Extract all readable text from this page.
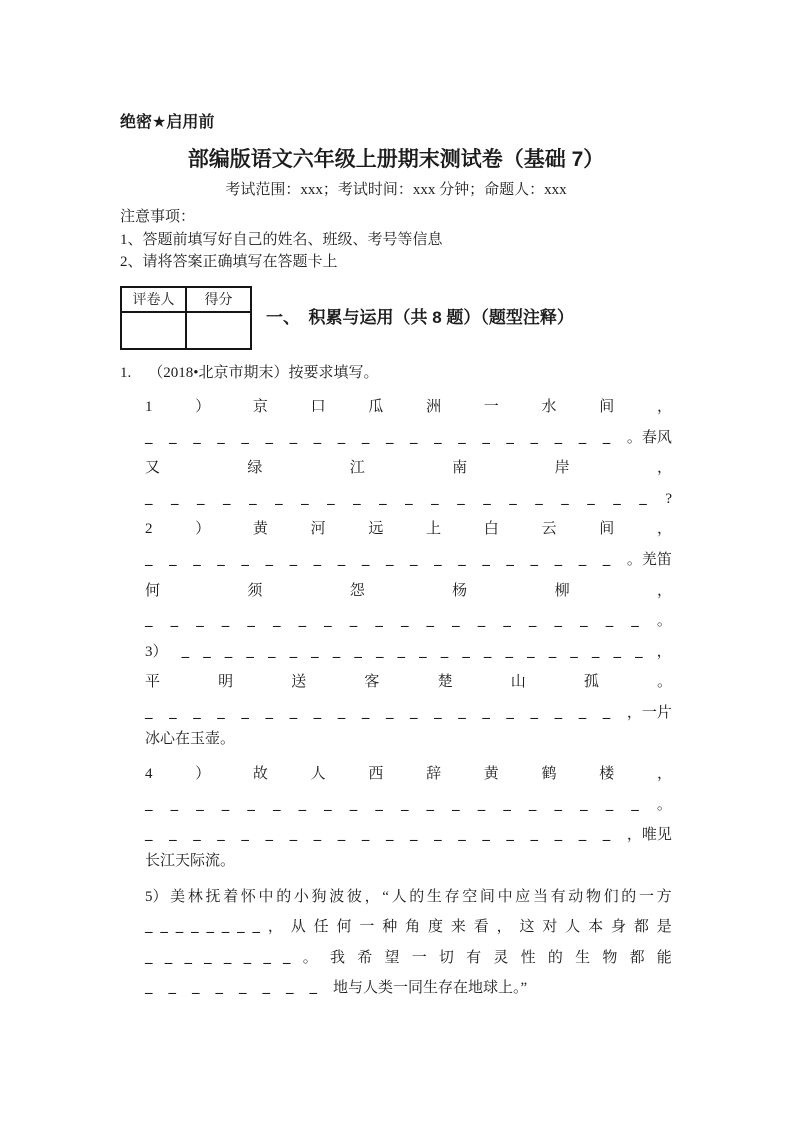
绝密★启用前
部编版语文六年级上册期末测试卷（基础 7）
考试范围：xxx；考试时间：xxx 分钟；命题人：xxx
注意事项：
1、答题前填写好自己的姓名、班级、考号等信息
2、请将答案正确填写在答题卡上
评卷人	得分

一、　积累与运用（共 8 题）（题型注释）
1. （2018•北京市期末）按要求填写。
1	）	京	口	瓜	洲	一	水	间	，
_ _ _ _ _ _ _ _ _ _ _ _ _ _ _ _ _ _ _ _ 。春风
又	绿	江	南	岸	，
_ _ _ _ _ _ _ _ _ _ _ _ _ _ _ _ _ _ _ _ ?
2	）	黄	河	远	上	白	云	间	，
_ _ _ _ _ _ _ _ _ _ _ _ _ _ _ _ _ _ _ _ 。羌笛
何	须	怨	杨	柳	，
_ _ _ _ _ _ _ _ _ _ _ _ _ _ _ _ _ _ _ _ 。
3） _ _ _ _ _ _ _ _ _ _ _ _ _ _ _ _ _ _ _ _ _ _ ，
平	明	送	客	楚	山	孤	。
_ _ _ _ _ _ _ _ _ _ _ _ _ _ _ _ _ _ _ _ ，一片
冰心在玉壶。
4	）	故	人	西	辞	黄	鹤	楼	，
_ _ _ _ _ _ _ _ _ _ _ _ _ _ _ _ _ _ _ _ 。
_ _ _ _ _ _ _ _ _ _ _ _ _ _ _ _ _ _ _ _ ，唯见
长江天际流。
5） 美 林 抚 着 怀 中 的 小 狗 波 彼 ， “ 人 的 生 存 空 间 中 应 当 有 动 物 们 的 一 方
_ _ _ _ _ _ _ _ ， 从 任 何 一 种 角 度 来 看 ， 这 对 人 本 身 都 是
_ _ _ _ _ _ _ _ 。 我 希 望 一 切 有 灵 性 的 生 物 都 能
_ _ _ _ _ _ _ _ 地与人类一同生存在地球上。”
